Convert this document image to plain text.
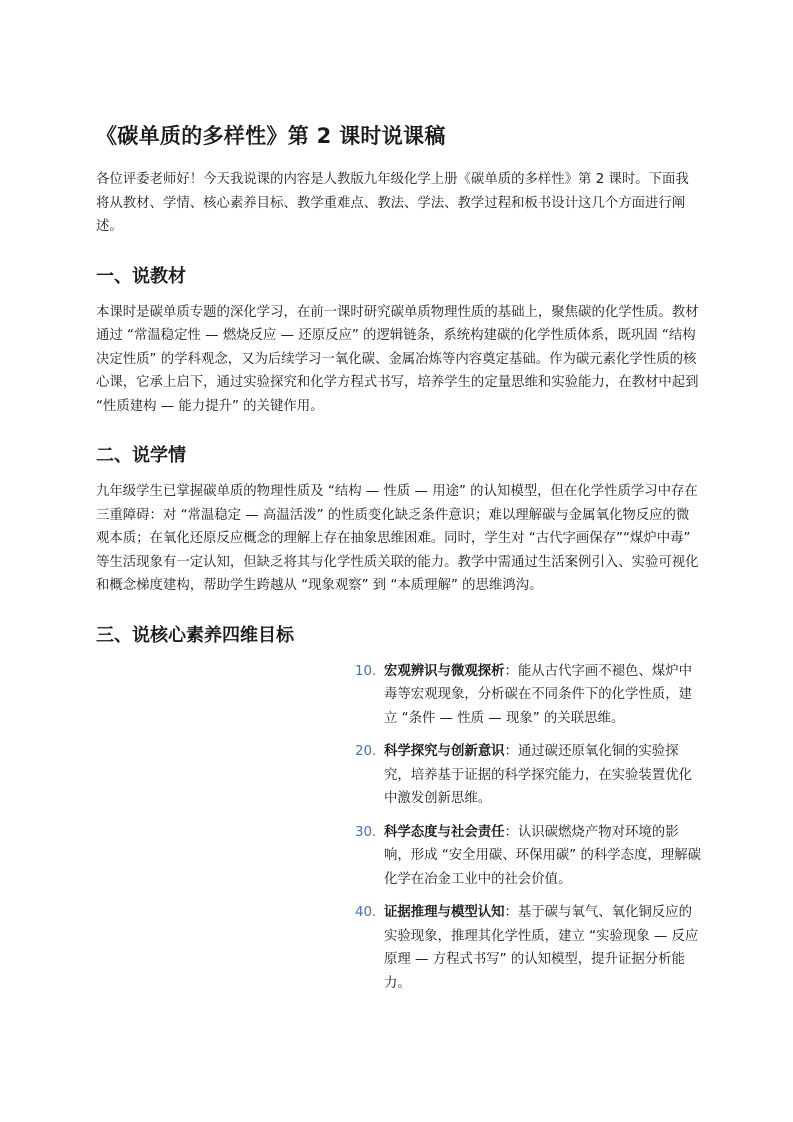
《碳单质的多样性》第 2 课时说课稿

各位评委老师好！今天我说课的内容是人教版九年级化学上册《碳单质的多样性》第 2 课时。下面我将从教材、学情、核心素养目标、教学重难点、教法、学法、教学过程和板书设计这几个方面进行阐述。

一、说教材

本课时是碳单质专题的深化学习，在前一课时研究碳单质物理性质的基础上，聚焦碳的化学性质。教材通过 “常温稳定性 — 燃烧反应 — 还原反应” 的逻辑链条，系统构建碳的化学性质体系，既巩固 “结构决定性质” 的学科观念，又为后续学习一氧化碳、金属冶炼等内容奠定基础。作为碳元素化学性质的核心课，它承上启下，通过实验探究和化学方程式书写，培养学生的定量思维和实验能力，在教材中起到 “性质建构 — 能力提升” 的关键作用。

二、说学情

九年级学生已掌握碳单质的物理性质及 “结构 — 性质 — 用途” 的认知模型，但在化学性质学习中存在三重障碍：对 “常温稳定 — 高温活泼” 的性质变化缺乏条件意识；难以理解碳与金属氧化物反应的微观本质；在氧化还原反应概念的理解上存在抽象思维困难。同时，学生对 “古代字画保存”“煤炉中毒” 等生活现象有一定认知，但缺乏将其与化学性质关联的能力。教学中需通过生活案例引入、实验可视化和概念梯度建构，帮助学生跨越从 “现象观察” 到 “本质理解” 的思维鸿沟。

三、说核心素养四维目标
10. 宏观辨识与微观探析：能从古代字画不褪色、煤炉中毒等宏观现象，分析碳在不同条件下的化学性质，建立 “条件 — 性质 — 现象” 的关联思维。
20. 科学探究与创新意识：通过碳还原氧化铜的实验探究，培养基于证据的科学探究能力，在实验装置优化中激发创新思维。
30. 科学态度与社会责任：认识碳燃烧产物对环境的影响，形成 “安全用碳、环保用碳” 的科学态度，理解碳化学在冶金工业中的社会价值。
40. 证据推理与模型认知：基于碳与氧气、氧化铜反应的实验现象，推理其化学性质，建立 “实验现象 — 反应原理 — 方程式书写” 的认知模型，提升证据分析能力。
